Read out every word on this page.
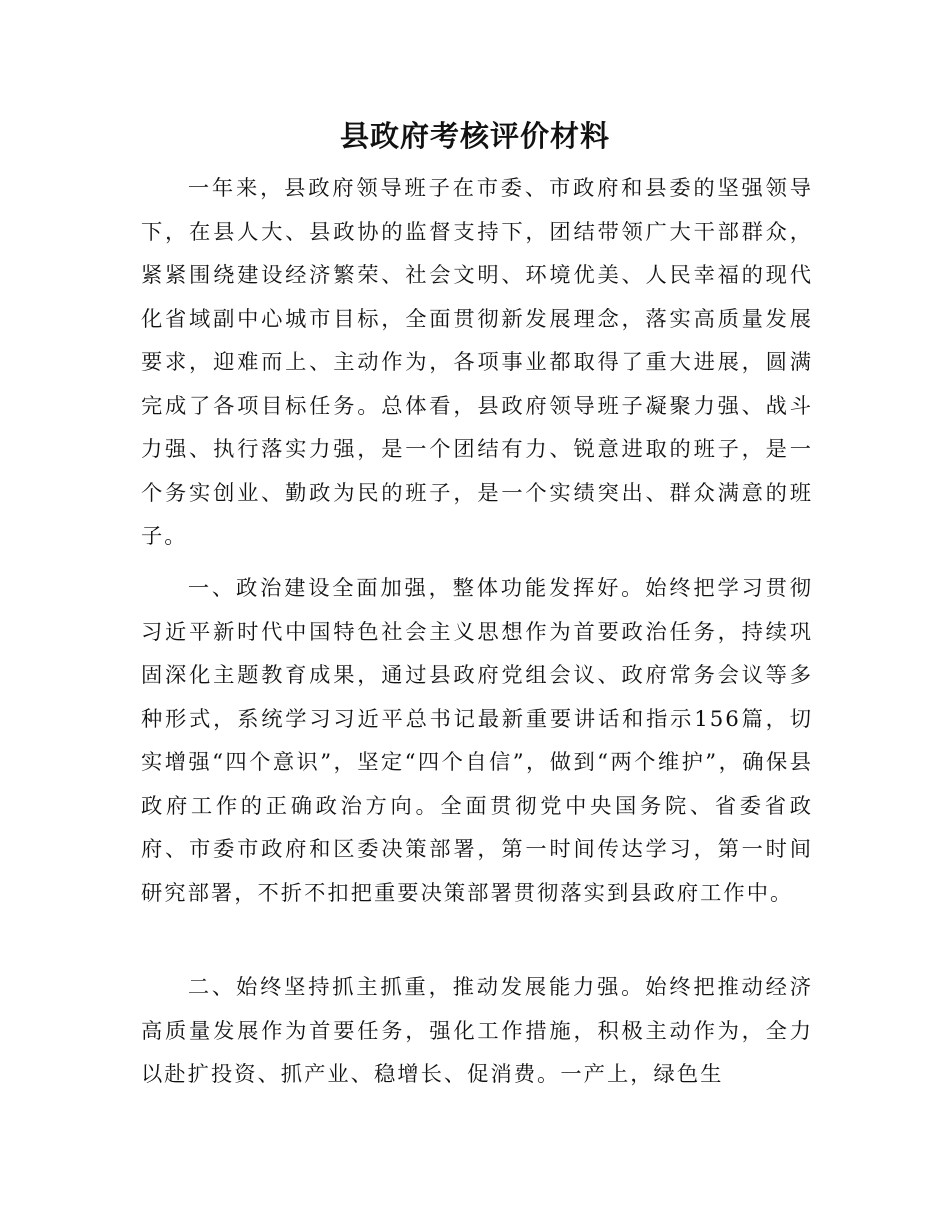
县政府考核评价材料

一年来，县政府领导班子在市委、市政府和县委的坚强领导下，在县人大、县政协的监督支持下，团结带领广大干部群众，紧紧围绕建设经济繁荣、社会文明、环境优美、人民幸福的现代化省域副中心城市目标，全面贯彻新发展理念，落实高质量发展要求，迎难而上、主动作为，各项事业都取得了重大进展，圆满完成了各项目标任务。总体看，县政府领导班子凝聚力强、战斗力强、执行落实力强，是一个团结有力、锐意进取的班子，是一个务实创业、勤政为民的班子，是一个实绩突出、群众满意的班子。

一、政治建设全面加强，整体功能发挥好。始终把学习贯彻习近平新时代中国特色社会主义思想作为首要政治任务，持续巩固深化主题教育成果，通过县政府党组会议、政府常务会议等多种形式，系统学习习近平总书记最新重要讲话和指示156篇，切实增强“四个意识”，坚定“四个自信”，做到“两个维护”，确保县政府工作的正确政治方向。全面贯彻党中央国务院、省委省政府、市委市政府和区委决策部署，第一时间传达学习，第一时间研究部署，不折不扣把重要决策部署贯彻落实到县政府工作中。

二、始终坚持抓主抓重，推动发展能力强。始终把推动经济高质量发展作为首要任务，强化工作措施，积极主动作为，全力以赴扩投资、抓产业、稳增长、促消费。一产上，绿色生
